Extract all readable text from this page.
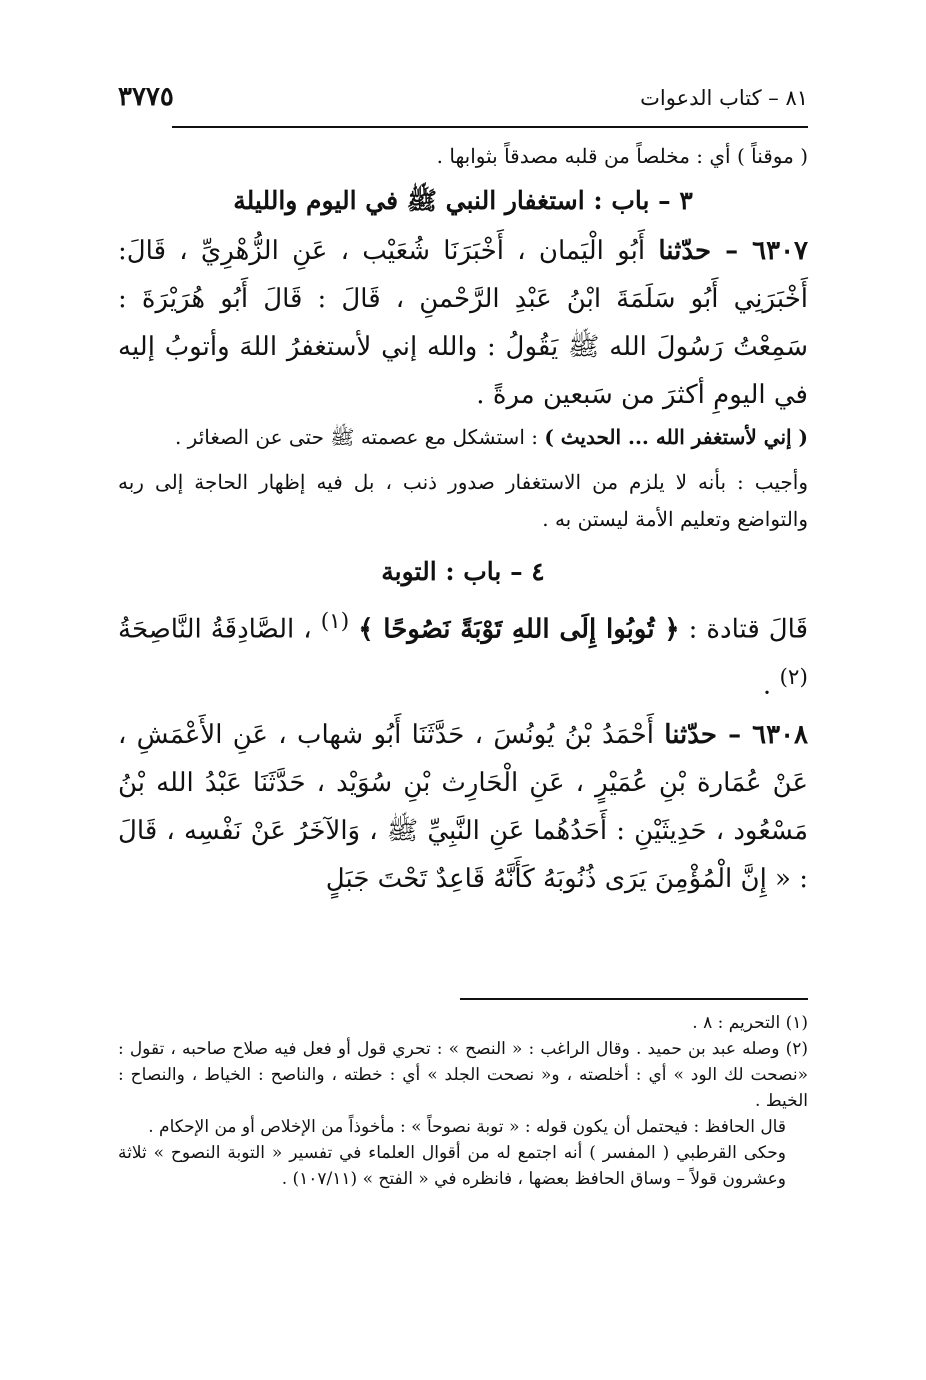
٨١ – كتاب الدعوات
٣٧٧٥

( موقناً ) أي : مخلصاً من قلبه مصدقاً بثوابها .

٣ – باب : استغفار النبي ﷺ في اليوم والليلة

٦٣٠٧ – حدّثنا أَبُو الْيَمان ، أَخْبَرَنَا شُعَيْب ، عَنِ الزُّهْرِيِّ ، قَالَ: أَخْبَرَنِي أَبُو سَلَمَةَ ابْنُ عَبْدِ الرَّحْمنِ ، قَالَ : قَالَ أَبُو هُرَيْرَةَ : سَمِعْتُ رَسُولَ الله ﷺ يَقُولُ : والله إني لأستغفرُ اللهَ وأتوبُ إليه في اليومِ أكثرَ من سَبعين مرةً .

( إني لأستغفر الله ... الحديث ) : استشكل مع عصمته ﷺ حتى عن الصغائر .

وأجيب : بأنه لا يلزم من الاستغفار صدور ذنب ، بل فيه إظهار الحاجة إلى ربه والتواضع وتعليم الأمة ليستن به .

٤ – باب : التوبة

قَالَ قتادة : ﴿ تُوبُوا إِلَى اللهِ تَوْبَةً نَصُوحًا ﴾ $^{(١)}$ ، الصَّادِقَةُ النَّاصِحَةُ $^{(٢)}$ .

٦٣٠٨ – حدّثنا أَحْمَدُ بْنُ يُونُسَ ، حَدَّثَنَا أَبُو شهاب ، عَنِ الأَعْمَشِ ، عَنْ عُمَارة بْنِ عُمَيْرٍ ، عَنِ الْحَارِث بْنِ سُوَيْد ، حَدَّثَنَا عَبْدُ الله بْنُ مَسْعُود ، حَدِيثَيْنِ : أَحَدُهُما عَنِ النَّبِيِّ ﷺ ، وَالآخَرُ عَنْ نَفْسِه ، قَالَ : « إِنَّ الْمُؤْمِنَ يَرَى ذُنُوبَهُ كَأَنَّهُ قَاعِدٌ تَحْتَ جَبَلٍ

(١) التحريم : ٨ .

(٢) وصله عبد بن حميد . وقال الراغب : « النصح » : تحري قول أو فعل فيه صلاح صاحبه ، تقول : «نصحت لك الود » أي : أخلصته ، و« نصحت الجلد » أي : خطته ، والناصح : الخياط ، والنصاح : الخيط .

قال الحافظ : فيحتمل أن يكون قوله : « توبة نصوحاً » : مأخوذاً من الإخلاص أو من الإحكام .

وحكى القرطبي ( المفسر ) أنه اجتمع له من أقوال العلماء في تفسير « التوبة النصوح » ثلاثة وعشرون قولاً – وساق الحافظ بعضها ، فانظره في « الفتح » (١٠٧/١١) .
